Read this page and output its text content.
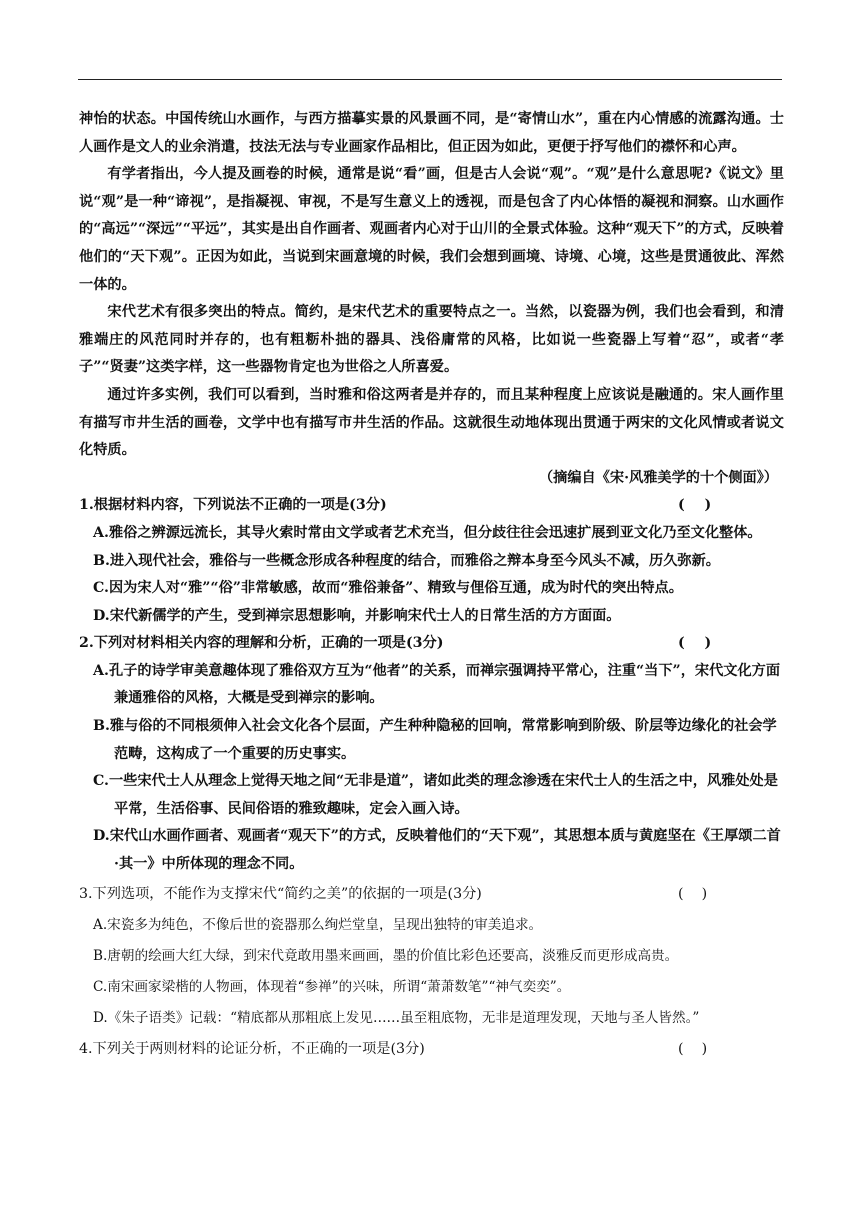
神怡的状态。中国传统山水画作，与西方描摹实景的风景画不同，是“寄情山水”，重在内心情感的流露沟通。士人画作是文人的业余消遣，技法无法与专业画家作品相比，但正因为如此，更便于抒写他们的襟怀和心声。

有学者指出，今人提及画卷的时候，通常是说“看”画，但是古人会说“观”。“观”是什么意思呢?《说文》里说“观”是一种“谛视”，是指凝视、审视，不是写生意义上的透视，而是包含了内心体悟的凝视和洞察。山水画作的“高远”“深远”“平远”，其实是出自作画者、观画者内心对于山川的全景式体验。这种“观天下”的方式，反映着他们的“天下观”。正因为如此，当说到宋画意境的时候，我们会想到画境、诗境、心境，这些是贯通彼此、浑然一体的。

宋代艺术有很多突出的特点。简约，是宋代艺术的重要特点之一。当然，以瓷器为例，我们也会看到，和清雅端庄的风范同时并存的，也有粗粝朴拙的器具、浅俗庸常的风格，比如说一些瓷器上写着“忍”，或者“孝子”“贤妻”这类字样，这一些器物肯定也为世俗之人所喜爱。

通过许多实例，我们可以看到，当时雅和俗这两者是并存的，而且某种程度上应该说是融通的。宋人画作里有描写市井生活的画卷，文学中也有描写市井生活的作品。这就很生动地体现出贯通于两宋的文化风情或者说文化特质。

（摘编自《宋·风雅美学的十个侧面》）

1.根据材料内容，下列说法不正确的一项是(3分)	(    )
A.雅俗之辨源远流长，其导火索时常由文学或者艺术充当，但分歧往往会迅速扩展到亚文化乃至文化整体。
B.进入现代社会，雅俗与一些概念形成各种程度的结合，而雅俗之辩本身至今风头不减，历久弥新。
C.因为宋人对“雅”“俗”非常敏感，故而“雅俗兼备”、精致与俚俗互通，成为时代的突出特点。
D.宋代新儒学的产生，受到禅宗思想影响，并影响宋代士人的日常生活的方方面面。
2.下列对材料相关内容的理解和分析，正确的一项是(3分)	(    )
A.孔子的诗学审美意趣体现了雅俗双方互为“他者”的关系，而禅宗强调持平常心，注重“当下”，宋代文化方面兼通雅俗的风格，大概是受到禅宗的影响。
B.雅与俗的不同根须伸入社会文化各个层面，产生种种隐秘的回响，常常影响到阶级、阶层等边缘化的社会学范畴，这构成了一个重要的历史事实。
C.一些宋代士人从理念上觉得天地之间“无非是道”，诸如此类的理念渗透在宋代士人的生活之中，风雅处处是平常，生活俗事、民间俗语的雅致趣味，定会入画入诗。
D.宋代山水画作画者、观画者“观天下”的方式，反映着他们的“天下观”，其思想本质与黄庭坚在《王厚颂二首·其一》中所体现的理念不同。
3.下列选项，不能作为支撑宋代“简约之美”的依据的一项是(3分)	(    )
A.宋瓷多为纯色，不像后世的瓷器那么绚烂堂皇，呈现出独特的审美追求。
B.唐朝的绘画大红大绿，到宋代竟敢用墨来画画，墨的价值比彩色还要高，淡雅反而更形成高贵。
C.南宋画家梁楷的人物画，体现着“参禅”的兴味，所谓“萧萧数笔”“神气奕奕”。
D.《朱子语类》记载：“精底都从那粗底上发见……虽至粗底物，无非是道理发现，天地与圣人皆然。”
4.下列关于两则材料的论证分析，不正确的一项是(3分)	(    )
